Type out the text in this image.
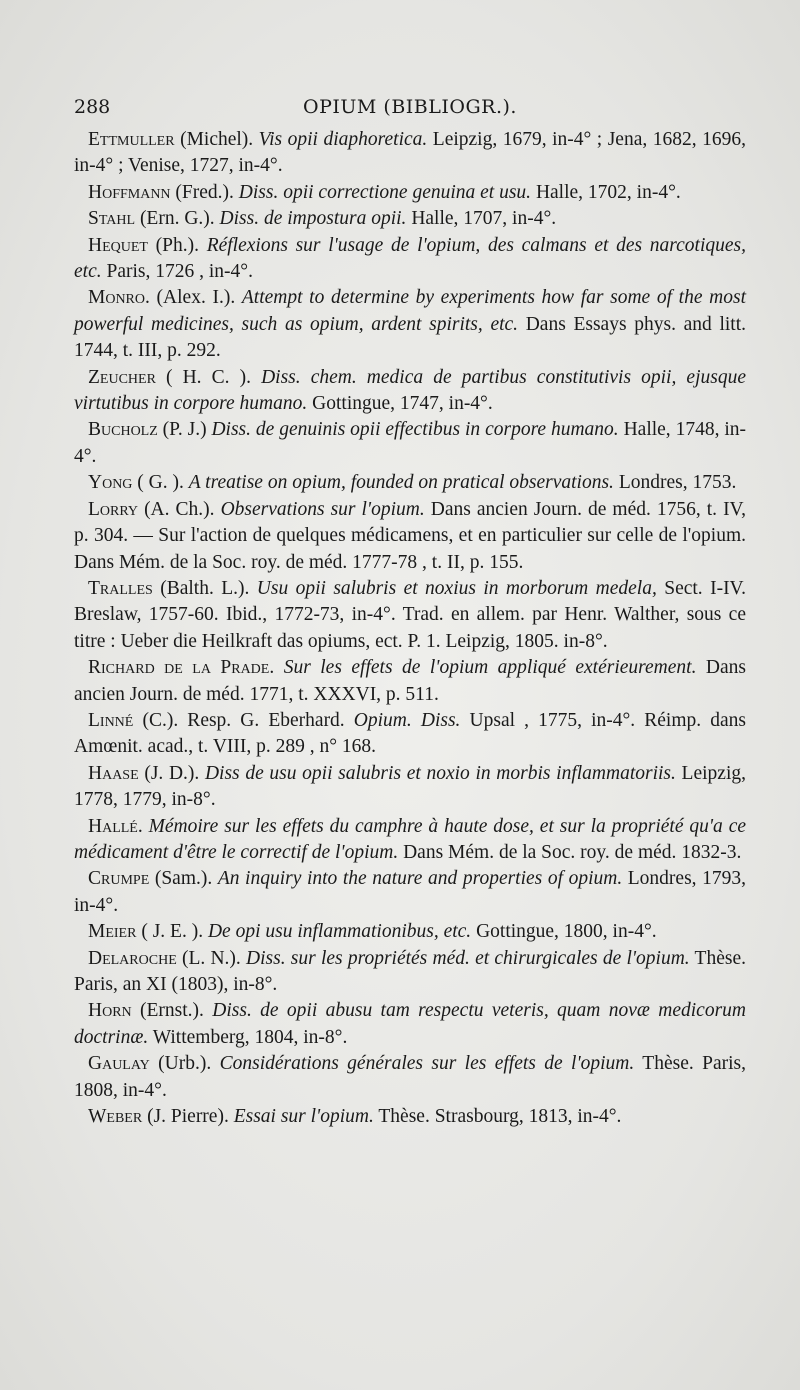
288	OPIUM (BIBLIOGR.).

Ettmuller (Michel). Vis opii diaphoretica. Leipzig, 1679, in-4° ; Jena, 1682, 1696, in-4° ; Venise, 1727, in-4°.

Hoffmann (Fred.). Diss. opii correctione genuina et usu. Halle, 1702, in-4°.

Stahl (Ern. G.). Diss. de impostura opii. Halle, 1707, in-4°.

Hequet (Ph.). Réflexions sur l'usage de l'opium, des calmans et des narcotiques, etc. Paris, 1726 , in-4°.

Monro. (Alex. I.). Attempt to determine by experiments how far some of the most powerful medicines, such as opium, ardent spirits, etc. Dans Essays phys. and litt. 1744, t. III, p. 292.

Zeucher ( H. C. ). Diss. chem. medica de partibus constitutivis opii, ejusque virtutibus in corpore humano. Gottingue, 1747, in-4°.

Bucholz (P. J.) Diss. de genuinis opii effectibus in corpore humano. Halle, 1748, in-4°.

Yong ( G. ). A treatise on opium, founded on pratical observations. Londres, 1753.

Lorry (A. Ch.). Observations sur l'opium. Dans ancien Journ. de méd. 1756, t. IV, p. 304. — Sur l'action de quelques médicamens, et en particulier sur celle de l'opium. Dans Mém. de la Soc. roy. de méd. 1777-78 , t. II, p. 155.

Tralles (Balth. L.). Usu opii salubris et noxius in morborum medela, Sect. I-IV. Breslaw, 1757-60. Ibid., 1772-73, in-4°. Trad. en allem. par Henr. Walther, sous ce titre : Ueber die Heilkraft das opiums, ect. P. 1. Leipzig, 1805. in-8°.

Richard de la Prade. Sur les effets de l'opium appliqué extérieurement. Dans ancien Journ. de méd. 1771, t. XXXVI, p. 511.

Linné (C.). Resp. G. Eberhard. Opium. Diss. Upsal , 1775, in-4°. Réimp. dans Amœnit. acad., t. VIII, p. 289 , n° 168.

Haase (J. D.). Diss de usu opii salubris et noxio in morbis inflammatoriis. Leipzig, 1778, 1779, in-8°.

Hallé. Mémoire sur les effets du camphre à haute dose, et sur la propriété qu'a ce médicament d'être le correctif de l'opium. Dans Mém. de la Soc. roy. de méd. 1832-3.

Crumpe (Sam.). An inquiry into the nature and properties of opium. Londres, 1793, in-4°.

Meier ( J. E. ). De opi usu inflammationibus, etc. Gottingue, 1800, in-4°.

Delaroche (L. N.). Diss. sur les propriétés méd. et chirurgicales de l'opium. Thèse. Paris, an XI (1803), in-8°.

Horn (Ernst.). Diss. de opii abusu tam respectu veteris, quam novæ medicorum doctrinæ. Wittemberg, 1804, in-8°.

Gaulay (Urb.). Considérations générales sur les effets de l'opium. Thèse. Paris, 1808, in-4°.

Weber (J. Pierre). Essai sur l'opium. Thèse. Strasbourg, 1813, in-4°.
